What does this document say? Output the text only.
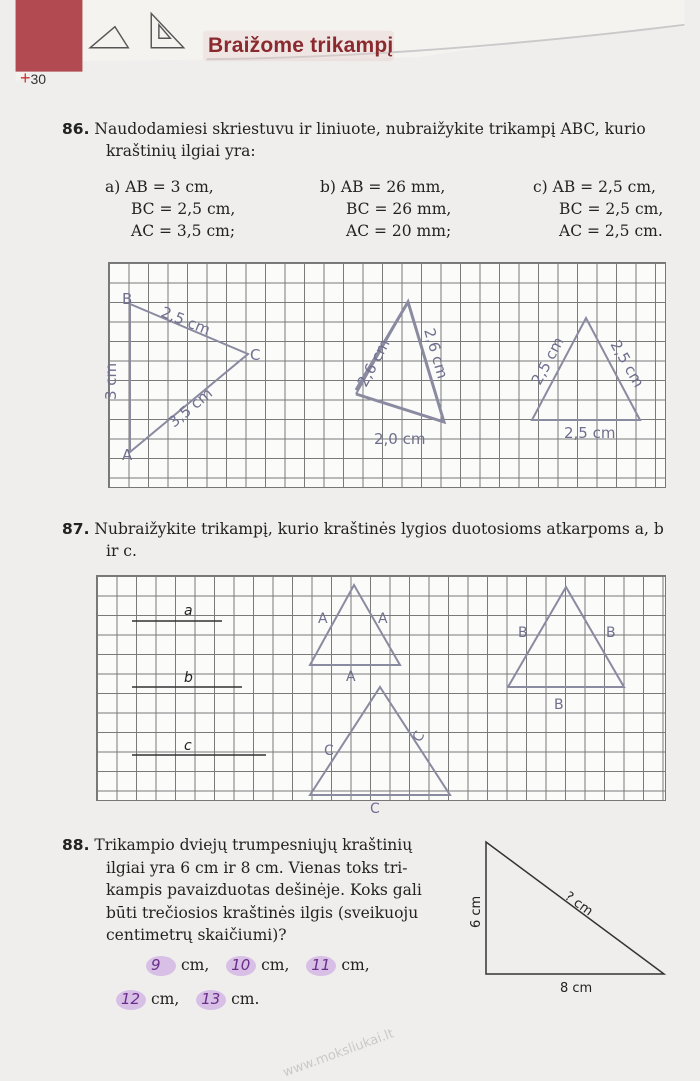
Braižome trikampį
+30
86. Naudodamiesi skriestuvu ir liniuote, nubraižykite trikampį ABC, kurio
kraštinių ilgiai yra:
a) AB = 3 cm,
BC = 2,5 cm,
AC = 3,5 cm;
b) AB = 26 mm,
BC = 26 mm,
AC = 20 mm;
c) AB = 2,5 cm,
BC = 2,5 cm,
AC = 2,5 cm.
B
C
A
2,5 cm
3 cm
3,5 cm
2,6 cm 2,6 cm
2,0 cm
2,5 cm	2,5 cm
2,5 cm
87. Nubraižykite trikampį, kurio kraštinės lygios duotosioms atkarpoms a, b
ir c.
a
b
c
A	A
A
B	B
B
C
C
C
88. Trikampio dviejų trumpesniųjų kraštinių
ilgiai yra 6 cm ir 8 cm. Vienas toks tri-
kampis pavaizduotas dešinėje. Koks gali
būti trečiosios kraštinės ilgis (sveikuoju
centimetrų skaičiumi)?
9 cm, 10 cm, 11 cm,
12 cm, 13 cm.
6 cm
8 cm
? cm
www.moksliukai.lt
